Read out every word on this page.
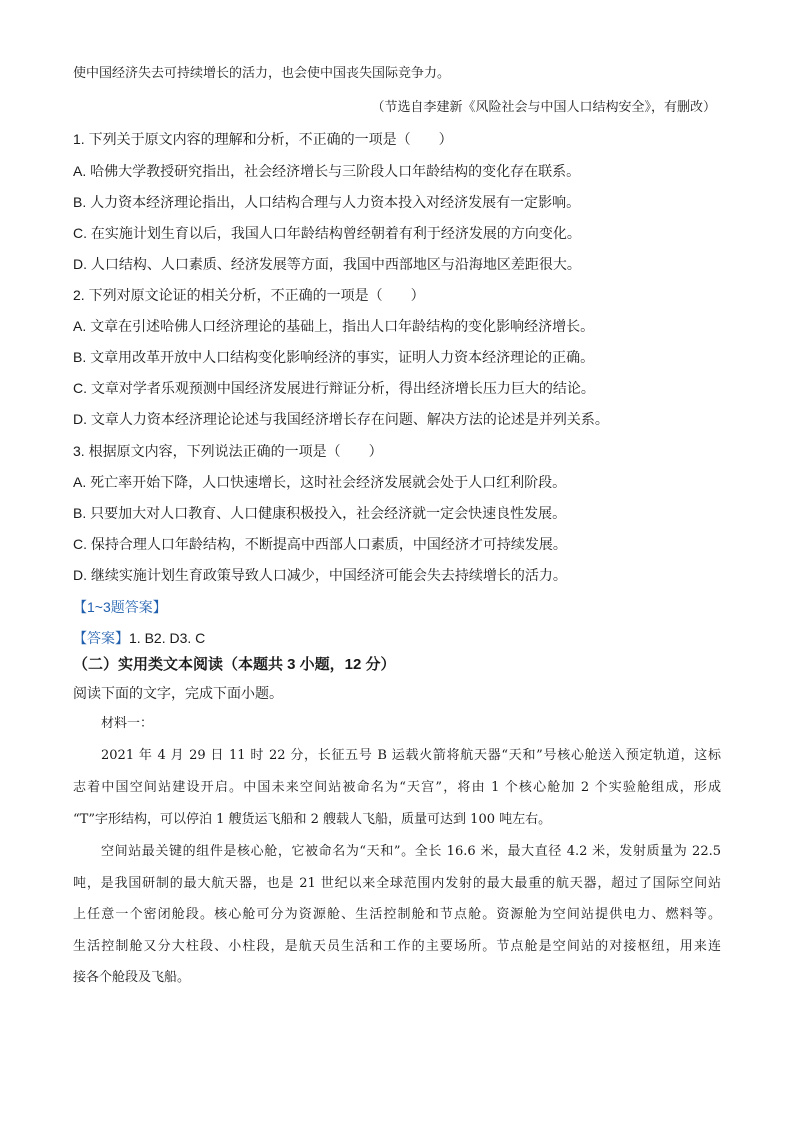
使中国经济失去可持续增长的活力，也会使中国丧失国际竞争力。
（节选自李建新《风险社会与中国人口结构安全》，有删改）
1. 下列关于原文内容的理解和分析，不正确的一项是（　　）
A. 哈佛大学教授研究指出，社会经济增长与三阶段人口年龄结构的变化存在联系。
B. 人力资本经济理论指出，人口结构合理与人力资本投入对经济发展有一定影响。
C. 在实施计划生育以后，我国人口年龄结构曾经朝着有利于经济发展的方向变化。
D. 人口结构、人口素质、经济发展等方面，我国中西部地区与沿海地区差距很大。
2. 下列对原文论证的相关分析，不正确的一项是（　　）
A. 文章在引述哈佛人口经济理论的基础上，指出人口年龄结构的变化影响经济增长。
B. 文章用改革开放中人口结构变化影响经济的事实，证明人力资本经济理论的正确。
C. 文章对学者乐观预测中国经济发展进行辩证分析，得出经济增长压力巨大的结论。
D. 文章人力资本经济理论论述与我国经济增长存在问题、解决方法的论述是并列关系。
3. 根据原文内容，下列说法正确的一项是（　　）
A. 死亡率开始下降，人口快速增长，这时社会经济发展就会处于人口红利阶段。
B. 只要加大对人口教育、人口健康积极投入，社会经济就一定会快速良性发展。
C. 保持合理人口年龄结构，不断提高中西部人口素质，中国经济才可持续发展。
D. 继续实施计划生育政策导致人口减少，中国经济可能会失去持续增长的活力。
【1~3题答案】
【答案】1. B2. D3. C
（二）实用类文本阅读（本题共 3 小题，12 分）
阅读下面的文字，完成下面小题。
材料一：
2021 年 4 月 29 日 11 时 22 分，长征五号 B 运载火箭将航天器“天和”号核心舱送入预定轨道，这标
志着中国空间站建设开启。中国未来空间站被命名为“天宫”，将由 1 个核心舱加 2 个实验舱组成，形成
“T”字形结构，可以停泊 1 艘货运飞船和 2 艘载人飞船，质量可达到 100 吨左右。
空间站最关键的组件是核心舱，它被命名为“天和”。全长 16.6 米，最大直径 4.2 米，发射质量为 22.5
吨，是我国研制的最大航天器，也是 21 世纪以来全球范围内发射的最大最重的航天器，超过了国际空间站
上任意一个密闭舱段。核心舱可分为资源舱、生活控制舱和节点舱。资源舱为空间站提供电力、燃料等。
生活控制舱又分大柱段、小柱段，是航天员生活和工作的主要场所。节点舱是空间站的对接枢纽，用来连
接各个舱段及飞船。
